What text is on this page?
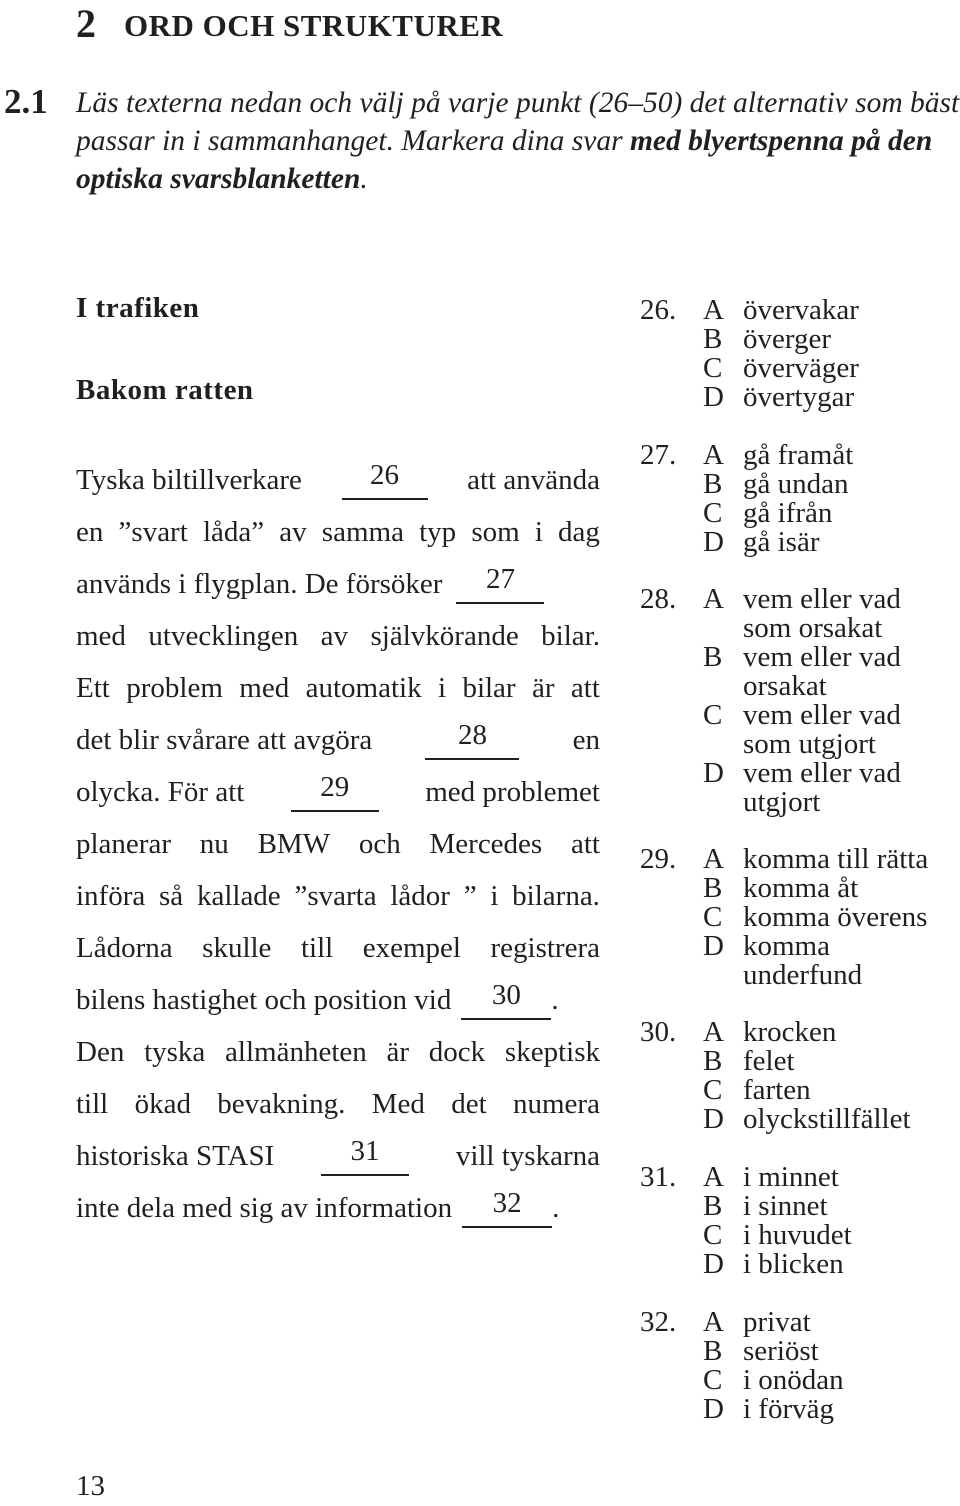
2 ORD OCH STRUKTURER
2.1 Läs texterna nedan och välj på varje punkt (26–50) det alternativ som bäst passar in i sammanhanget. Markera dina svar med blyertspenna på den optiska svarsblanketten.
I trafiken
Bakom ratten
Tyska biltillverkare	26	att använda
en ”svart låda” av samma typ som i dag
används i flygplan. De försöker	27
med utvecklingen av självkörande bilar.
Ett problem med automatik i bilar är att
det blir svårare att avgöra	28	en
olycka. För att	29	med problemet
planerar nu BMW och Mercedes att
införa så kallade ”svarta lådor ” i bilarna.
Lådorna skulle till exempel registrera
bilens hastighet och position vid	30	.
Den tyska allmänheten är dock skeptisk
till ökad bevakning. Med det numera
historiska STASI	31	vill tyskarna
inte dela med sig av information	32	.
26. A övervakar
B överger
C överväger
D övertygar
27. A gå framåt
B gå undan
C gå ifrån
D gå isär
28. A vem eller vad
som orsakat
B vem eller vad
orsakat
C vem eller vad
som utgjort
D vem eller vad
utgjort
29. A komma till rätta
B komma åt
C komma överens
D komma
underfund
30. A krocken
B felet
C farten
D olyckstillfället
31. A i minnet
B i sinnet
C i huvudet
D i blicken
32. A privat
B seriöst
C i onödan
D i förväg
13
